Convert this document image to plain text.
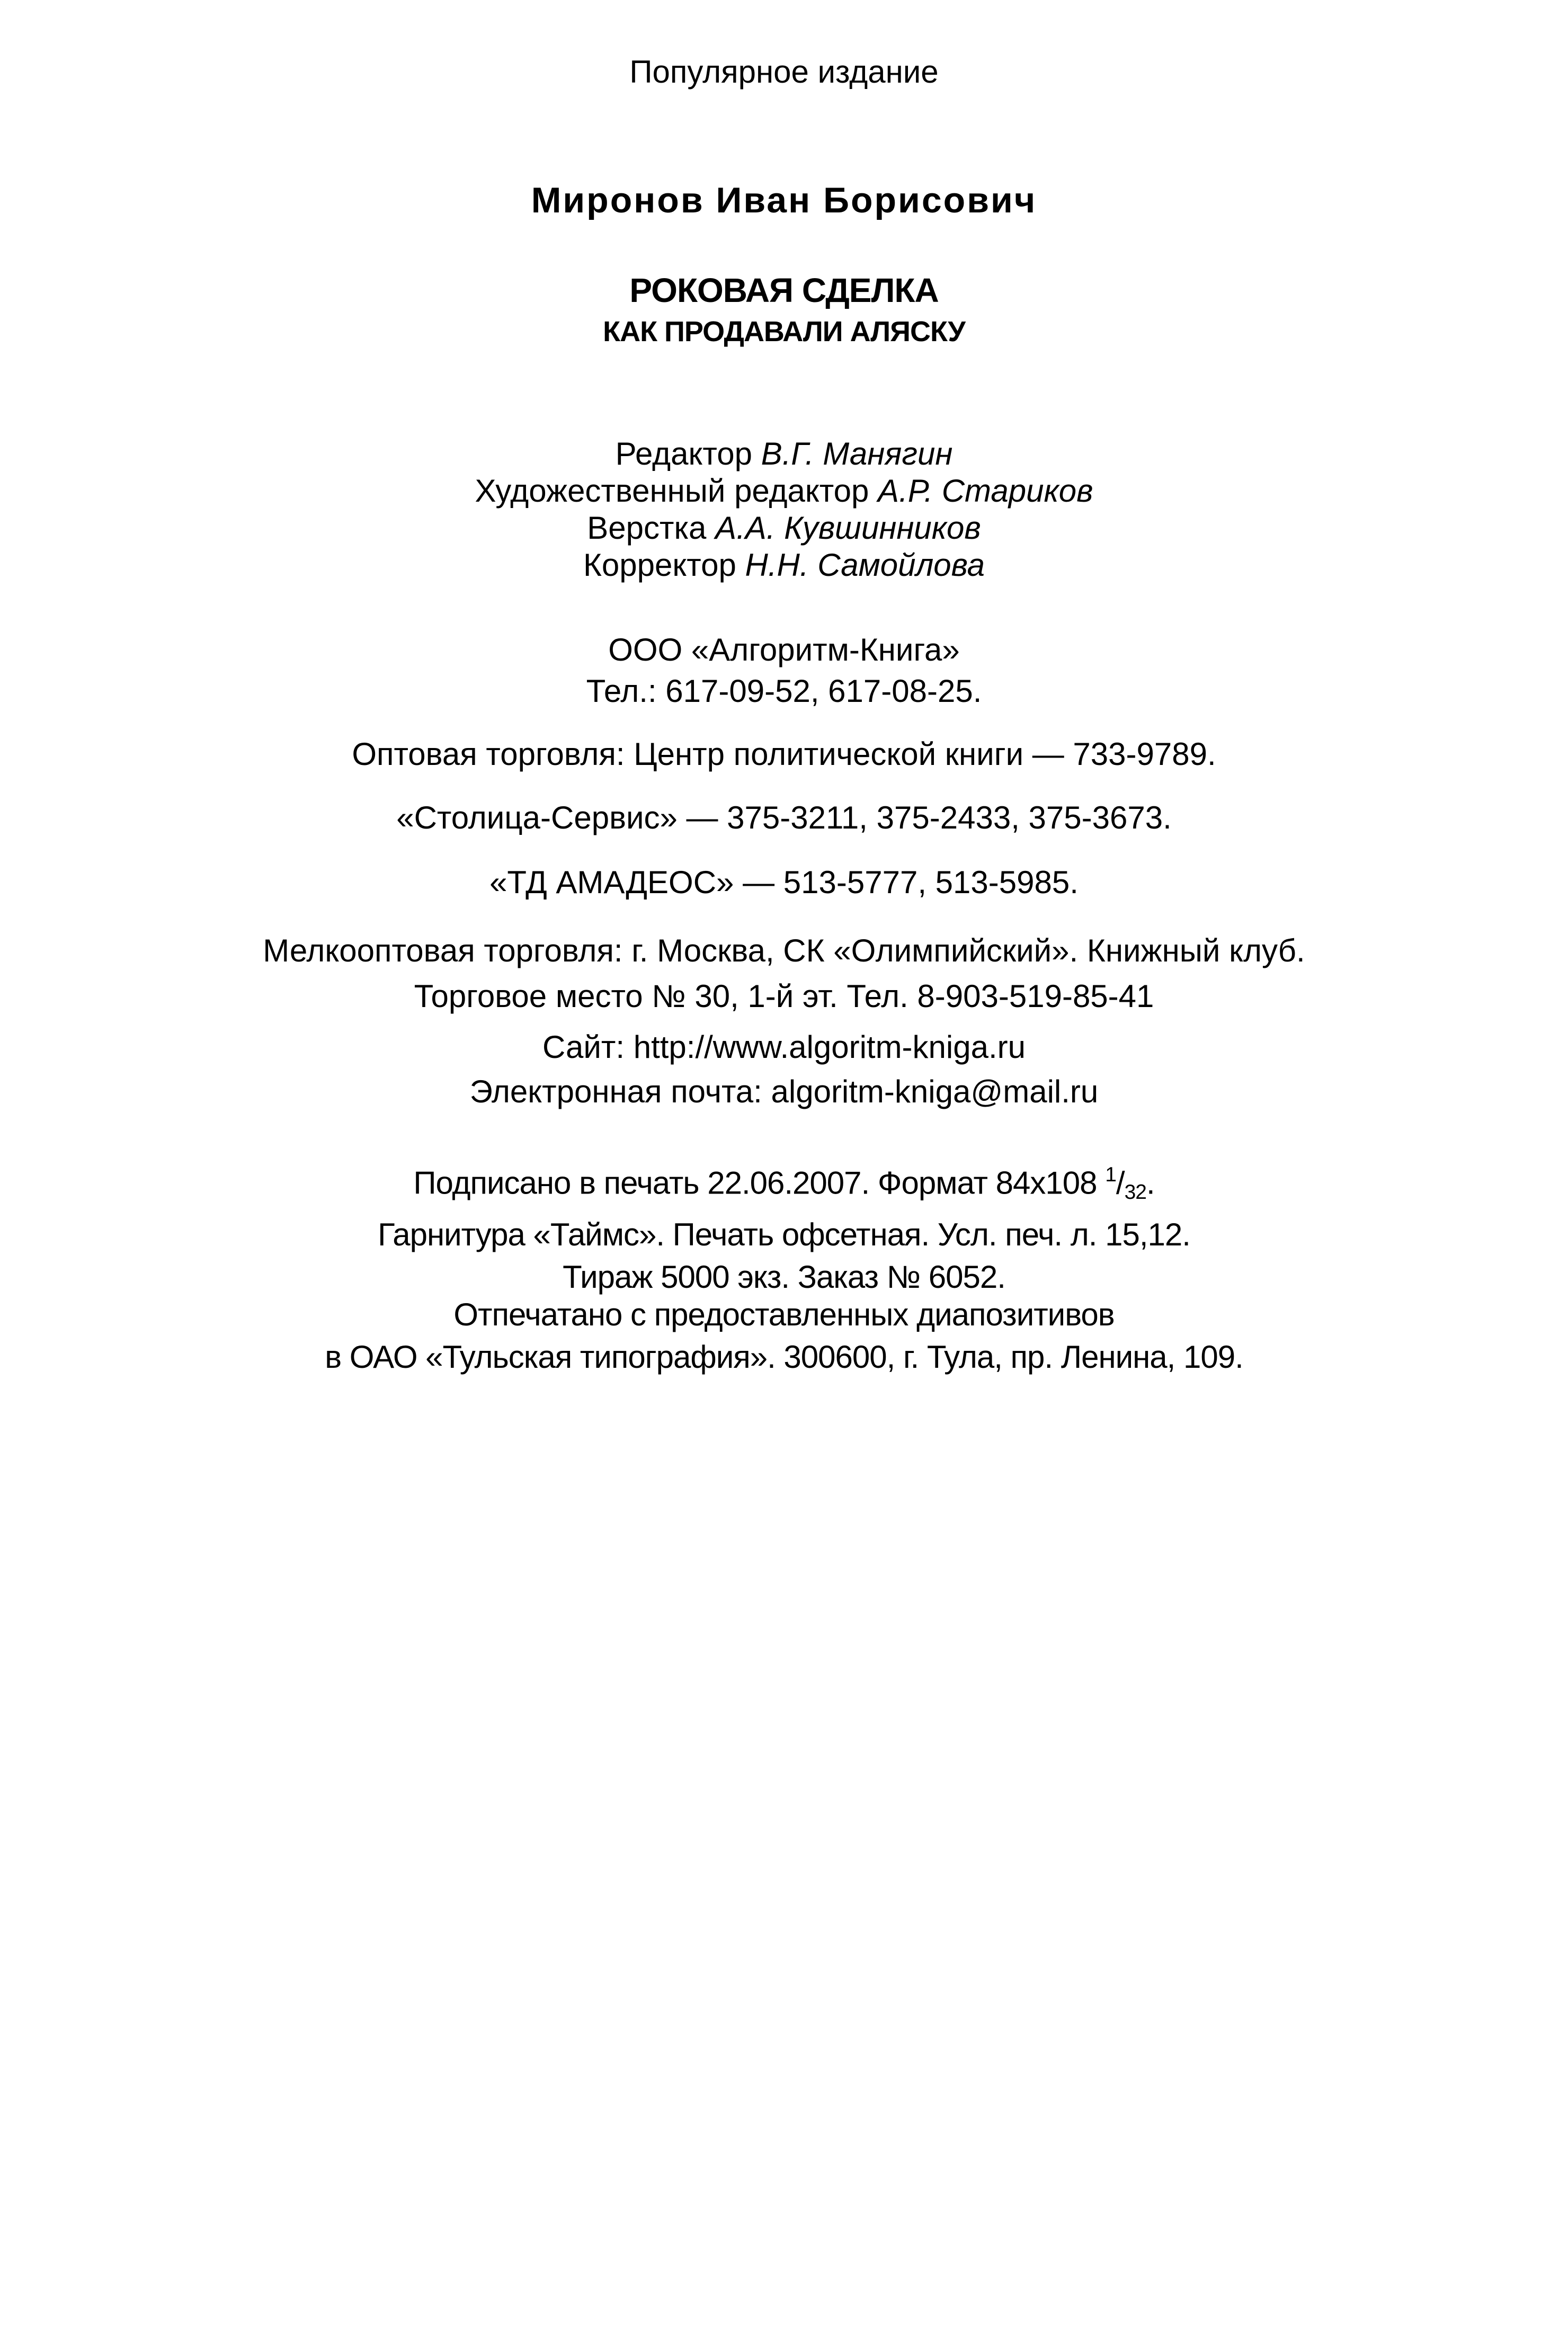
Популярное издание
Миронов Иван Борисович
РОКОВАЯ СДЕЛКА
КАК ПРОДАВАЛИ АЛЯСКУ
Редактор В.Г. Манягин
Художественный редактор А.Р. Стариков
Верстка А.А. Кувшинников
Корректор Н.Н. Самойлова
ООО «Алгоритм-Книга»
Тел.: 617-09-52, 617-08-25.
Оптовая торговля: Центр политической книги — 733-9789.
«Столица-Сервис» — 375-3211, 375-2433, 375-3673.
«ТД АМАДЕОС» — 513-5777, 513-5985.
Мелкооптовая торговля: г. Москва, СК «Олимпийский». Книжный клуб.
Торговое место № 30, 1-й эт. Тел. 8-903-519-85-41
Сайт: http://www.algoritm-kniga.ru
Электронная почта: algoritm-kniga@mail.ru
Подписано в печать 22.06.2007. Формат 84x108 $^1/_{32}$.
Гарнитура «Таймс». Печать офсетная. Усл. печ. л. 15,12.
Тираж 5000 экз. Заказ № 6052.
Отпечатано с предоставленных диапозитивов
в ОАО «Тульская типография». 300600, г. Тула, пр. Ленина, 109.
